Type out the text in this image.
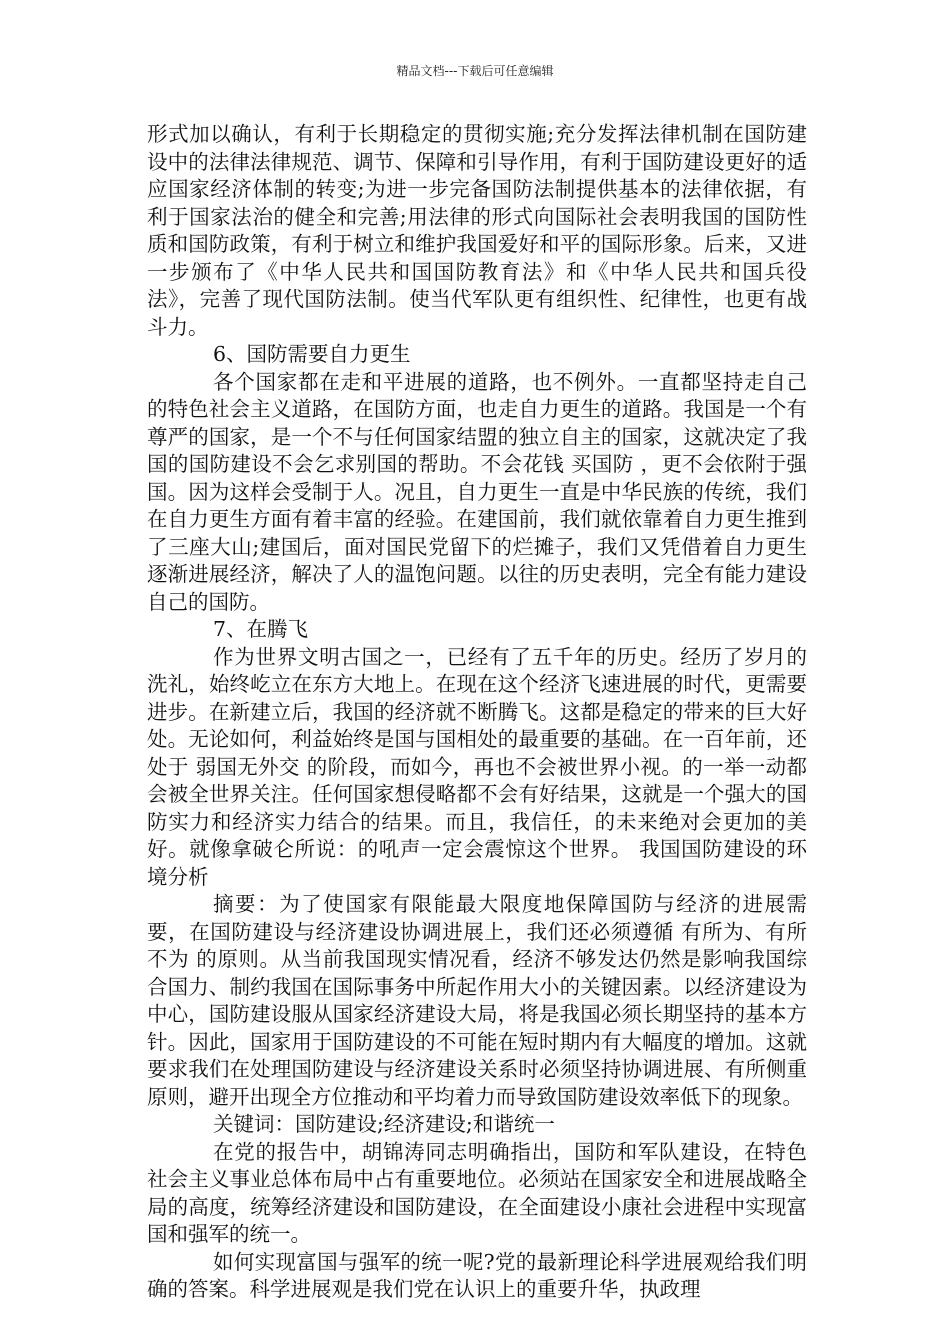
精品文档---下载后可任意编辑

形式加以确认，有利于长期稳定的贯彻实施;充分发挥法律机制在国防建设中的法律法律规范、调节、保障和引导作用，有利于国防建设更好的适应国家经济体制的转变;为进一步完备国防法制提供基本的法律依据，有利于国家法治的健全和完善;用法律的形式向国际社会表明我国的国防性质和国防政策，有利于树立和维护我国爱好和平的国际形象。后来，又进一步颁布了《中华人民共和国国防教育法》和《中华人民共和国兵役法》，完善了现代国防法制。使当代军队更有组织性、纪律性，也更有战斗力。

6、国防需要自力更生

各个国家都在走和平进展的道路，也不例外。一直都坚持走自己的特色社会主义道路，在国防方面，也走自力更生的道路。我国是一个有尊严的国家，是一个不与任何国家结盟的独立自主的国家，这就决定了我国的国防建设不会乞求别国的帮助。不会花钱 买国防 ，更不会依附于强国。因为这样会受制于人。况且，自力更生一直是中华民族的传统，我们在自力更生方面有着丰富的经验。在建国前，我们就依靠着自力更生推到了三座大山;建国后，面对国民党留下的烂摊子，我们又凭借着自力更生逐渐进展经济，解决了人的温饱问题。以往的历史表明，完全有能力建设自己的国防。

7、在腾飞

作为世界文明古国之一，已经有了五千年的历史。经历了岁月的洗礼，始终屹立在东方大地上。在现在这个经济飞速进展的时代，更需要进步。在新建立后，我国的经济就不断腾飞。这都是稳定的带来的巨大好处。无论如何，利益始终是国与国相处的最重要的基础。在一百年前，还处于 弱国无外交 的阶段，而如今，再也不会被世界小视。的一举一动都会被全世界关注。任何国家想侵略都不会有好结果，这就是一个强大的国防实力和经济实力结合的结果。而且，我信任，的未来绝对会更加的美好。就像拿破仑所说：的吼声一定会震惊这个世界。 我国国防建设的环境分析

摘要：为了使国家有限能最大限度地保障国防与经济的进展需要，在国防建设与经济建设协调进展上，我们还必须遵循 有所为、有所不为 的原则。从当前我国现实情况看，经济不够发达仍然是影响我国综合国力、制约我国在国际事务中所起作用大小的关键因素。以经济建设为中心，国防建设服从国家经济建设大局，将是我国必须长期坚持的基本方针。因此，国家用于国防建设的不可能在短时期内有大幅度的增加。这就要求我们在处理国防建设与经济建设关系时必须坚持协调进展、有所侧重原则，避开出现全方位推动和平均着力而导致国防建设效率低下的现象。

关键词：国防建设;经济建设;和谐统一

在党的报告中，胡锦涛同志明确指出，国防和军队建设，在特色社会主义事业总体布局中占有重要地位。必须站在国家安全和进展战略全局的高度，统筹经济建设和国防建设，在全面建设小康社会进程中实现富国和强军的统一。

如何实现富国与强军的统一呢?党的最新理论科学进展观给我们明确的答案。科学进展观是我们党在认识上的重要升华，执政理
